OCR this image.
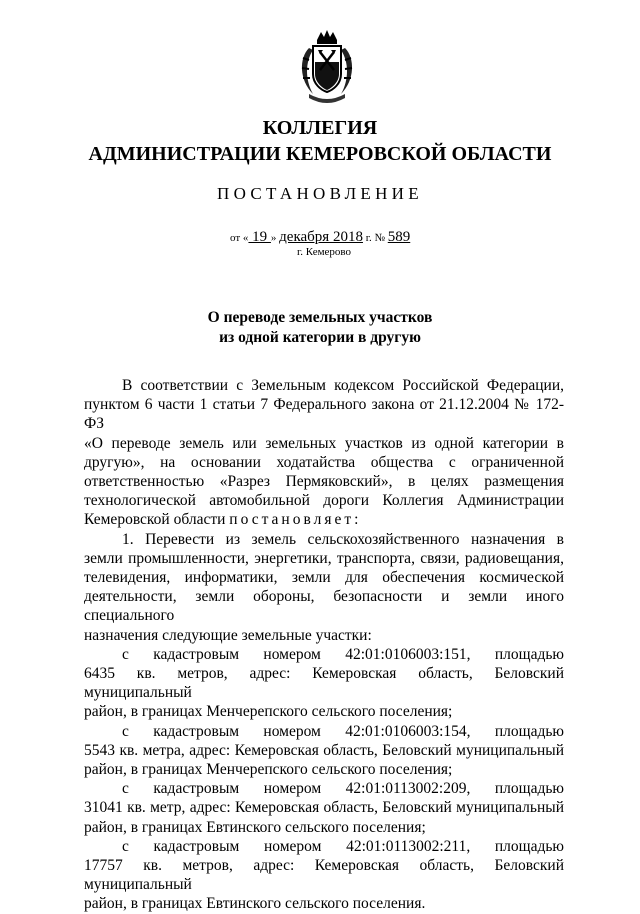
КОЛЛЕГИЯ
АДМИНИСТРАЦИИ КЕМЕРОВСКОЙ ОБЛАСТИ
ПОСТАНОВЛЕНИЕ
от « 19 » декабря 2018 г. № 589
г. Кемерово
О переводе земельных участков
из одной категории в другую

В соответствии с Земельным кодексом Российской Федерации,

пунктом 6 части 1 статьи 7 Федерального закона от 21.12.2004 № 172-ФЗ

«О переводе земель или земельных участков из одной категории в

другую», на основании ходатайства общества с ограниченной

ответственностью «Разрез Пермяковский», в целях размещения

технологической автомобильной дороги Коллегия Администрации

Кемеровской области постановляет:

1. Перевести из земель сельскохозяйственного назначения в

земли промышленности, энергетики, транспорта, связи, радиовещания,

телевидения, информатики, земли для обеспечения космической

деятельности, земли обороны, безопасности и земли иного специального

назначения следующие земельные участки:

с кадастровым номером 42:01:0106003:151, площадью

6435 кв. метров, адрес: Кемеровская область, Беловский муниципальный

район, в границах Менчерепского сельского поселения;

с кадастровым номером 42:01:0106003:154, площадью

5543 кв. метра, адрес: Кемеровская область, Беловский муниципальный

район, в границах Менчерепского сельского поселения;

с кадастровым номером 42:01:0113002:209, площадью

31041 кв. метр, адрес: Кемеровская область, Беловский муниципальный

район, в границах Евтинского сельского поселения;

с кадастровым номером 42:01:0113002:211, площадью

17757 кв. метров, адрес: Кемеровская область, Беловский муниципальный

район, в границах Евтинского сельского поселения.
